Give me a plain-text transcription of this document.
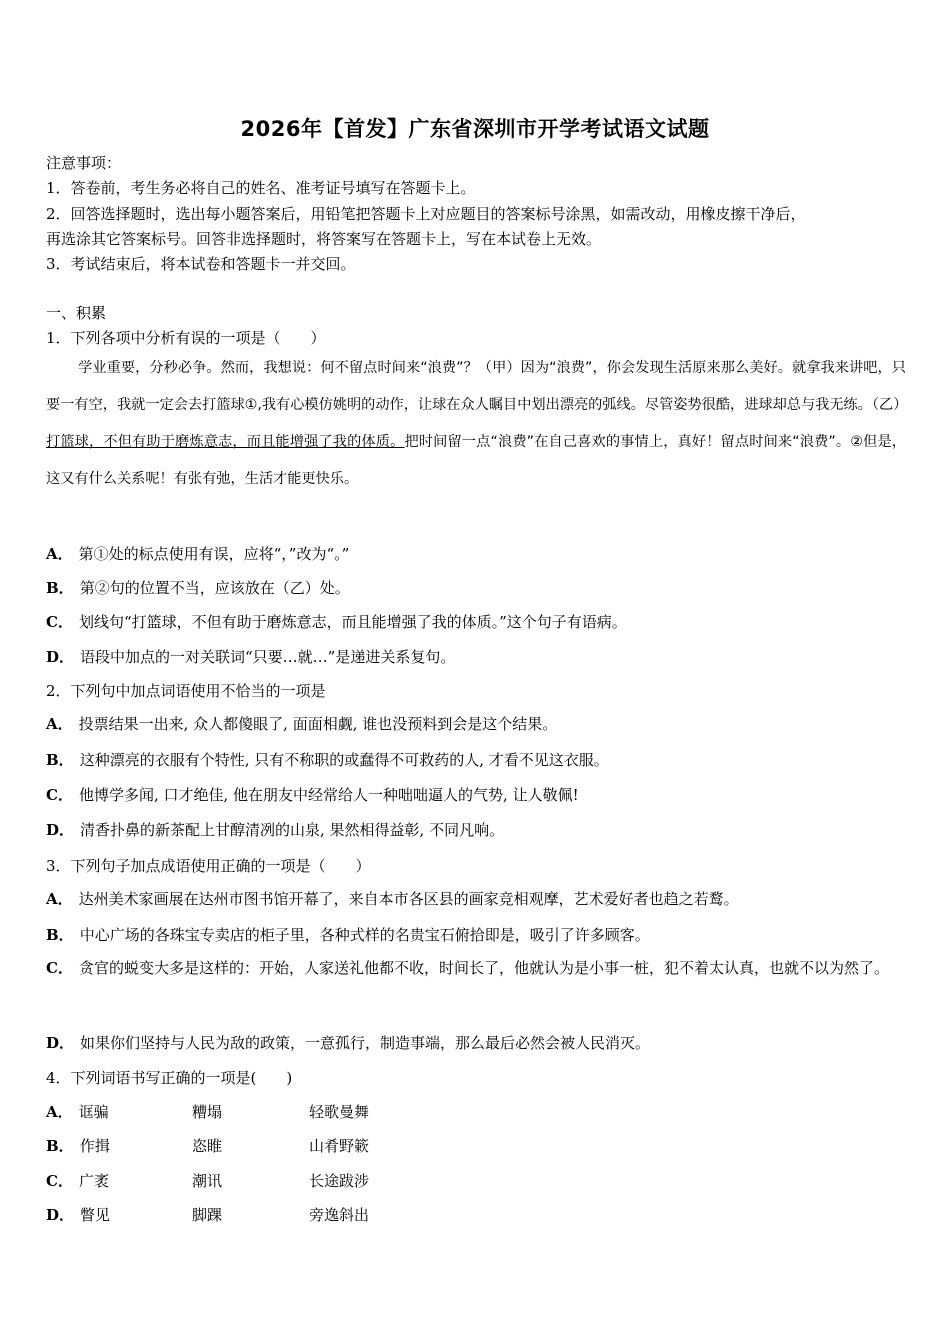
2026年【首发】广东省深圳市开学考试语文试题
注意事项：
1．答卷前，考生务必将自己的姓名、准考证号填写在答题卡上。
2．回答选择题时，选出每小题答案后，用铅笔把答题卡上对应题目的答案标号涂黑，如需改动，用橡皮擦干净后，
再选涂其它答案标号。回答非选择题时，将答案写在答题卡上，写在本试卷上无效。
3．考试结束后，将本试卷和答题卡一并交回。
一、积累
1．下列各项中分析有误的一项是（　　）
学业重要，分秒必争。然而，我想说：何不留点时间来“浪费”？（甲）因为“浪费”，你会发现生活原来那么美好。就拿我来讲吧，只要一有空，我就一定会去打篮球①,我有心模仿姚明的动作，让球在众人瞩目中划出漂亮的弧线。尽管姿势很酷，进球却总与我无练。（乙）打篮球，不但有助于磨炼意志，而且能增强了我的体质。把时间留一点“浪费”在自己喜欢的事情上，真好！留点时间来“浪费”。②但是，这又有什么关系呢！有张有弛，生活才能更快乐。
A． 第①处的标点使用有误，应将“，”改为“。”
B． 第②句的位置不当，应该放在（乙）处。
C． 划线句“打篮球，不但有助于磨炼意志，而且能增强了我的体质。”这个句子有语病。
D． 语段中加点的一对关联词“只要…就…”是递进关系复句。
2．下列句中加点词语使用不恰当的一项是
A． 投票结果一出来, 众人都傻眼了, 面面相觑, 谁也没预料到会是这个结果。
B． 这种漂亮的衣服有个特性, 只有不称职的或蠢得不可救药的人, 才看不见这衣服。
C． 他博学多闻, 口才绝佳, 他在朋友中经常给人一种咄咄逼人的气势, 让人敬佩!
D． 清香扑鼻的新茶配上甘醇清冽的山泉, 果然相得益彰, 不同凡响。
3．下列句子加点成语使用正确的一项是（　　）
A． 达州美术家画展在达州市图书馆开幕了，来自本市各区县的画家竞相观摩，艺术爱好者也趋之若鹜。
B． 中心广场的各珠宝专卖店的柜子里，各种式样的名贵宝石俯拾即是，吸引了许多顾客。
C． 贪官的蜕变大多是这样的：开始，人家送礼他都不收，时间长了，他就认为是小事一桩，犯不着太认真，也就不以为然了。
D． 如果你们坚持与人民为敌的政策，一意孤行，制造事端，那么最后必然会被人民消灭。
4．下列词语书写正确的一项是(　　)
A． 诓骗	糟塌	轻歌曼舞
B． 作揖	恣睢	山肴野簌
C． 广袤	潮讯	长途跋涉
D． 瞥见	脚踝	旁逸斜出
